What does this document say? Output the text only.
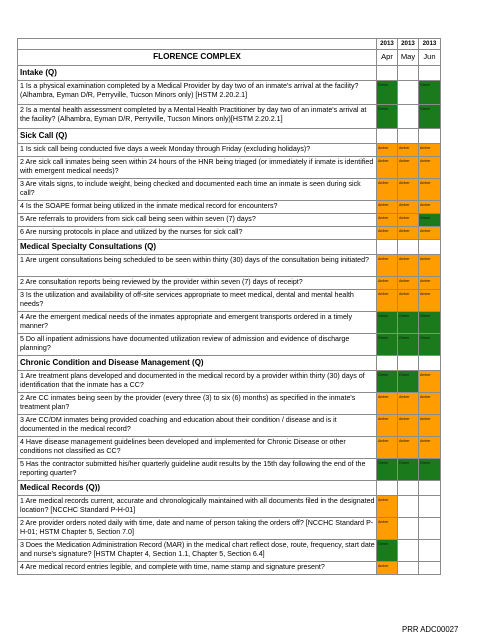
	2013	2013	2013
FLORENCE COMPLEX	Apr	May	Jun
Intake (Q)			
1 Is a physical examination completed by a Medical Provider by day two of an inmate's arrival at the facility? (Alhambra, Eyman D/R, Perryville, Tucson Minors only) [HSTM 2.20.2.1]	Green		Green

2 Is a mental health assessment completed by a Mental Health Practitioner by day two of an inmate's arrival at the facility? (Alhambra, Eyman D/R, Perryville, Tucson Minors only)[HSTM 2.20.2.1]	Green		Green

Sick Call (Q)			
1 Is sick call being conducted five days a week Monday through Friday (excluding holidays)?	Amber	Amber	Amber

2 Are sick call inmates being seen within 24 hours of the HNR being triaged (or immediately if inmate is identified with emergent medical needs)?	Amber	Amber	Amber

3 Are vitals signs, to include weight, being checked and documented each time an inmate is seen during sick call?	Amber	Amber	Amber

4 Is the SOAPE format being utilized in the inmate medical record for encounters?	Amber	Amber	Amber

5 Are referrals to providers from sick call being seen within seven (7) days?	Amber	Amber	Green

6 Are nursing protocols in place and utilized by the nurses for sick call?	Amber	Amber	Amber

Medical Specialty Consultations (Q)			
1 Are urgent consultations being scheduled to be seen within thirty (30) days of the consultation being initiated?	Amber	Amber	Amber

2 Are consultation reports being reviewed by the provider within seven (7) days of receipt?	Amber	Amber	Amber

3 Is the utilization and availability of off-site services appropriate to meet medical, dental and mental health needs?	Amber	Amber	Amber

4 Are the emergent medical needs of the inmates appropriate and emergent transports ordered in a timely manner?	Green	Green	Green

5 Do all inpatient admissions have documented utilization review of admission and evidence of discharge planning?	Green	Green	Green

Chronic Condition and Disease Management (Q)			
1 Are treatment plans developed and documented in the medical record by a provider within thirty (30) days of identification that the inmate has a CC?	Green	Green	Amber

2 Are CC inmates being seen by the provider (every three (3) to six (6) months) as specified in the inmate's treatment plan?	Amber	Amber	Amber

3 Are CC/DM inmates being provided coaching and education about their condition / disease and is it documented in the medical record?	Amber	Amber	Amber

4 Have disease management guidelines been developed and implemented for Chronic Disease or other conditions not classified as CC?	Amber	Amber	Amber

5 Has the contractor submitted his/her quarterly guideline audit results by the 15th day following the end of the reporting quarter?	Green	Green	Green

Medical Records (Q))			
1 Are medical records current, accurate and chronologically maintained with all documents filed in the designated location? [NCCHC Standard P-H-01]	Amber		

2 Are provider orders noted daily with time, date and name of person taking the orders off? [NCCHC Standard P-H-01; HSTM Chapter 5, Section 7.0]	Amber		

3 Does the Medication Administration Record (MAR) in the medical chart reflect dose, route, frequency, start date and nurse's signature? [HSTM Chapter 4, Section 1.1, Chapter 5, Section 6.4]	Green		

4 Are medical record entries legible, and complete with time, name stamp and signature present?	Amber		

PRR ADC00027
